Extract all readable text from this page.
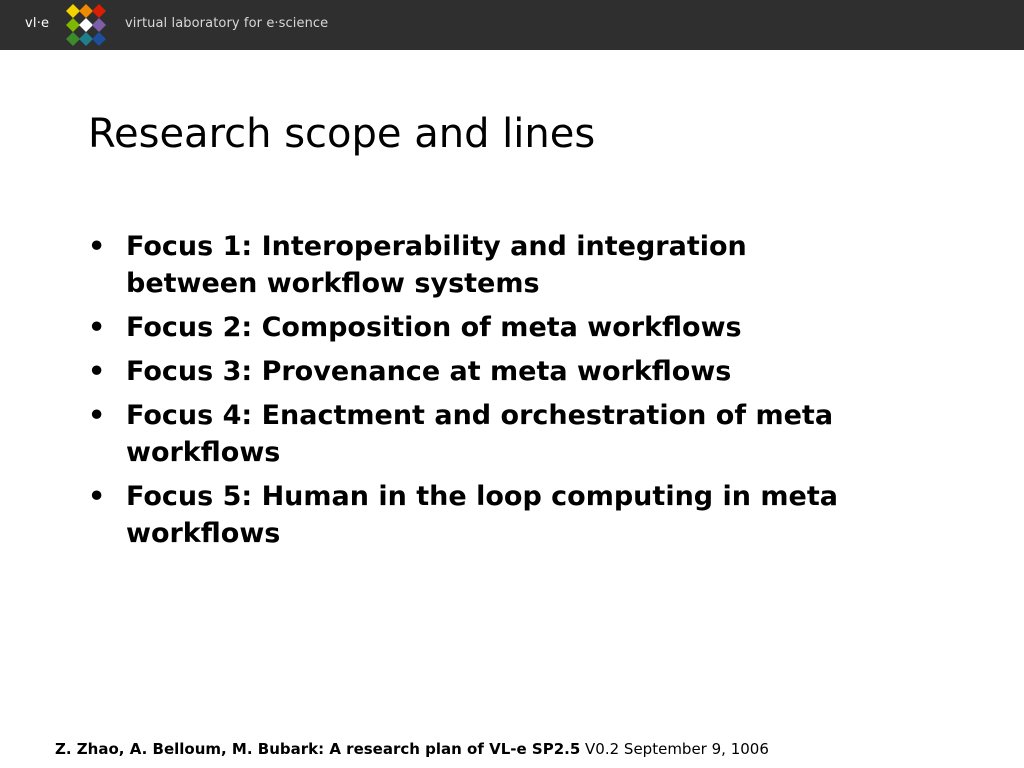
vl·e	virtual laboratory for e·science
Research scope and lines
• Focus 1: Interoperability and integration between workflow systems
• Focus 2: Composition of meta workflows
• Focus 3: Provenance at meta workflows
• Focus 4: Enactment and orchestration of meta workflows
• Focus 5: Human in the loop computing in meta workflows
Z. Zhao, A. Belloum, M. Bubark: A research plan of VL-e SP2.5 V0.2 September 9, 1006
